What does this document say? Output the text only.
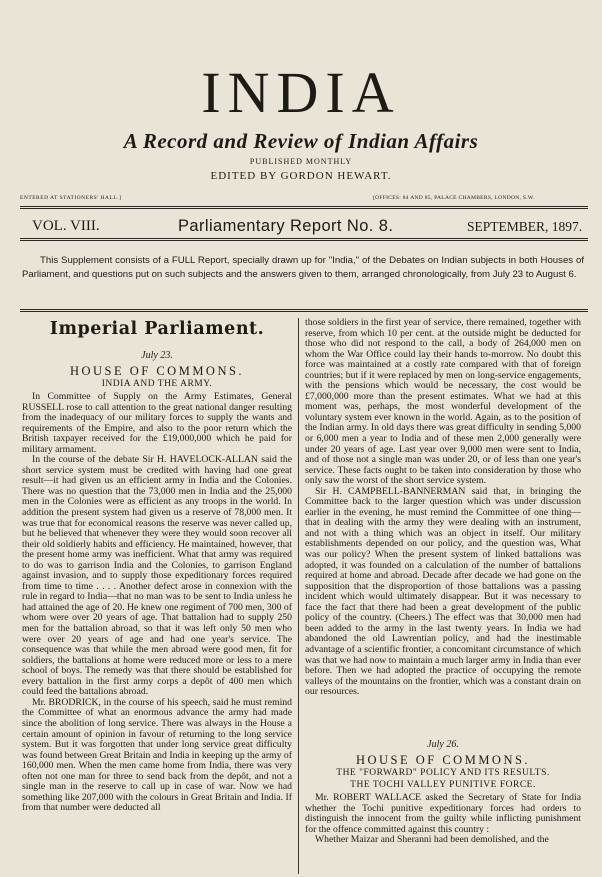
INDIA
A Record and Review of Indian Affairs
PUBLISHED MONTHLY
EDITED BY GORDON HEWART.
ENTERED AT STATIONERS' HALL.]	[OFFICES: 84 AND 85, PALACE CHAMBERS, LONDON, S.W.
VOL. VIII.	Parliamentary Report No. 8.	SEPTEMBER, 1897.

This Supplement consists of a FULL Report, specially drawn up for "India," of the Debates on Indian subjects in both Houses of Parliament, and questions put on such subjects and the answers given to them, arranged chronologically, from July 23 to August 6.

Imperial Parliament.
July 23.
HOUSE OF COMMONS.
INDIA AND THE ARMY.

In Committee of Supply on the Army Estimates, General RUSSELL rose to call attention to the great national danger resulting from the inadequacy of our military forces to supply the wants and requirements of the Empire, and also to the poor return which the British taxpayer received for the £19,000,000 which he paid for military armament.

In the course of the debate Sir H. HAVELOCK-ALLAN said the short service system must be credited with having had one great result—it had given us an efficient army in India and the Colonies. There was no question that the 73,000 men in India and the 25,000 men in the Colonies were as efficient as any troops in the world. In addition the present system had given us a reserve of 78,000 men. It was true that for economical reasons the reserve was never called up, but he believed that whenever they were they would soon recover all their old soldierly habits and efficiency. He maintained, however, that the present home army was inefficient. What that army was required to do was to garrison India and the Colonies, to garrison England against invasion, and to supply those expeditionary forces required from time to time . . . . Another defect arose in connexion with the rule in regard to India—that no man was to be sent to India unless he had attained the age of 20. He knew one regiment of 700 men, 300 of whom were over 20 years of age. That battalion had to supply 250 men for the battalion abroad, so that it was left only 50 men who were over 20 years of age and had one year's service. The consequence was that while the men abroad were good men, fit for soldiers, the battalions at home were reduced more or less to a mere school of boys. The remedy was that there should be established for every battalion in the first army corps a depôt of 400 men which could feed the battalions abroad.

Mr. BRODRICK, in the course of his speech, said he must remind the Committee of what an enormous advance the army had made since the abolition of long service. There was always in the House a certain amount of opinion in favour of returning to the long service system. But it was forgotten that under long service great difficulty was found between Great Britain and India in keeping up the army of 160,000 men. When the men came home from India, there was very often not one man for three to send back from the depôt, and not a single man in the reserve to call up in case of war. Now we had something like 207,000 with the colours in Great Britain and India. If from that number were deducted all

those soldiers in the first year of service, there remained, together with reserve, from which 10 per cent. at the outside might be deducted for those who did not respond to the call, a body of 264,000 men on whom the War Office could lay their hands to-morrow. No doubt this force was maintained at a costly rate compared with that of foreign countries; but if it were replaced by men on long-service engagements, with the pensions which would be necessary, the cost would be £7,000,000 more than the present estimates. What we had at this moment was, perhaps, the most wonderful development of the voluntary system ever known in the world. Again, as to the position of the Indian army. In old days there was great difficulty in sending 5,000 or 6,000 men a year to India and of these men 2,000 generally were under 20 years of age. Last year over 9,000 men were sent to India, and of those not a single man was under 20, or of less than one year's service. These facts ought to be taken into consideration by those who only saw the worst of the short service system.

Sir H. CAMPBELL-BANNERMAN said that, in bringing the Committee back to the larger question which was under discussion earlier in the evening, he must remind the Committee of one thing—that in dealing with the army they were dealing with an instrument, and not with a thing which was an object in itself. Our military establishments depended on our policy, and the question was, What was our policy? When the present system of linked battalions was adopted, it was founded on a calculation of the number of battalions required at home and abroad. Decade after decade we had gone on the supposition that the disproportion of those battalions was a passing incident which would ultimately disappear. But it was necessary to face the fact that there had been a great development of the public policy of the country. (Cheers.) The effect was that 30,000 men had been added to the army in the last twenty years. In India we had abandoned the old Lawrentian policy, and had the inestimable advantage of a scientific frontier, a concomitant circumstance of which was that we had now to maintain a much larger army in India than ever before. Then we had adopted the practice of occupying the remote valleys of the mountains on the frontier, which was a constant drain on our resources.

July 26.
HOUSE OF COMMONS.
THE "FORWARD" POLICY AND ITS RESULTS.
THE TOCHI VALLEY PUNITIVE FORCE.

Mr. ROBERT WALLACE asked the Secretary of State for India whether the Tochi punitive expeditionary forces had orders to distinguish the innocent from the guilty while inflicting punishment for the offence committed against this country :

Whether Maizar and Sheranni had been demolished, and the
